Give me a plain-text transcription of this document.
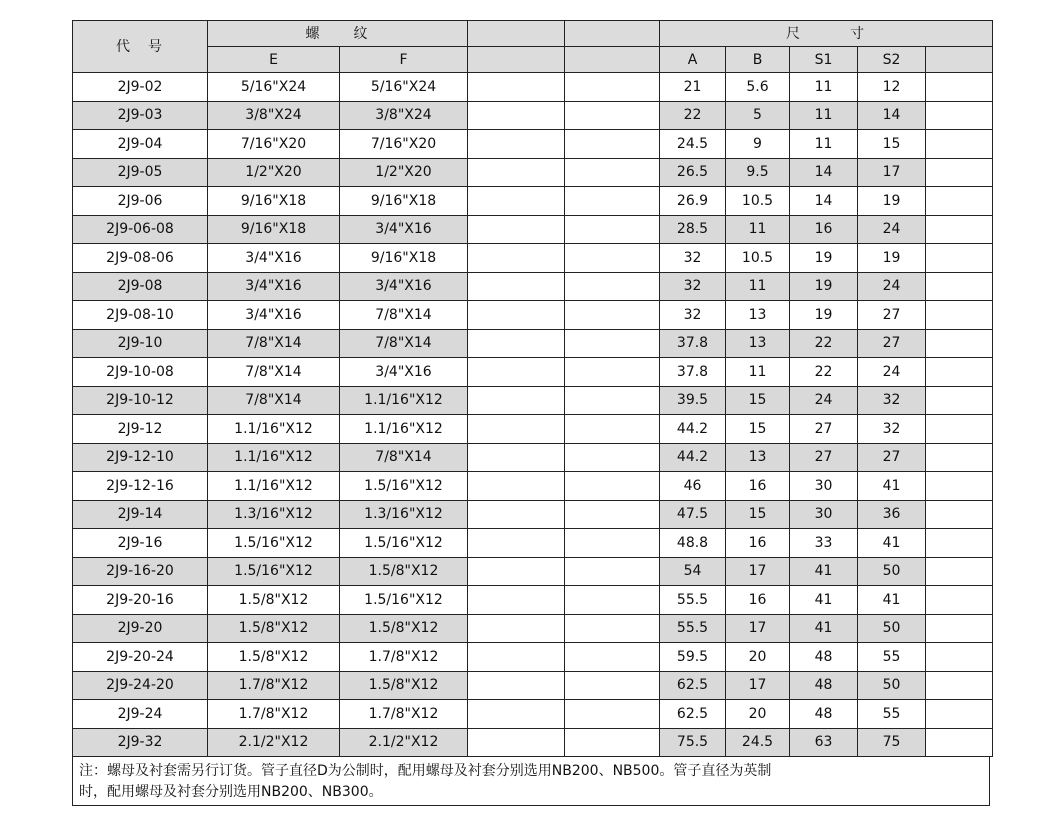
代　号	螺　　纹				尺　　　寸				
	E	F			A	B	S1	S2	
2J9-02	5/16"X24	5/16"X24			21	5.6	11	12	
2J9-03	3/8"X24	3/8"X24			22	5	11	14	
2J9-04	7/16"X20	7/16"X20			24.5	9	11	15	
2J9-05	1/2"X20	1/2"X20			26.5	9.5	14	17	
2J9-06	9/16"X18	9/16"X18			26.9	10.5	14	19	
2J9-06-08	9/16"X18	3/4"X16			28.5	11	16	24	
2J9-08-06	3/4"X16	9/16"X18			32	10.5	19	19	
2J9-08	3/4"X16	3/4"X16			32	11	19	24	
2J9-08-10	3/4"X16	7/8"X14			32	13	19	27	
2J9-10	7/8"X14	7/8"X14			37.8	13	22	27	
2J9-10-08	7/8"X14	3/4"X16			37.8	11	22	24	
2J9-10-12	7/8"X14	1.1/16"X12			39.5	15	24	32	
2J9-12	1.1/16"X12	1.1/16"X12			44.2	15	27	32	
2J9-12-10	1.1/16"X12	7/8"X14			44.2	13	27	27	
2J9-12-16	1.1/16"X12	1.5/16"X12			46	16	30	41	
2J9-14	1.3/16"X12	1.3/16"X12			47.5	15	30	36	
2J9-16	1.5/16"X12	1.5/16"X12			48.8	16	33	41	
2J9-16-20	1.5/16"X12	1.5/8"X12			54	17	41	50	
2J9-20-16	1.5/8"X12	1.5/16"X12			55.5	16	41	41	
2J9-20	1.5/8"X12	1.5/8"X12			55.5	17	41	50	
2J9-20-24	1.5/8"X12	1.7/8"X12			59.5	20	48	55	
2J9-24-20	1.7/8"X12	1.5/8"X12			62.5	17	48	50	
2J9-24	1.7/8"X12	1.7/8"X12			62.5	20	48	55	
2J9-32	2.1/2"X12	2.1/2"X12			75.5	24.5	63	75	
注：螺母及衬套需另行订货。管子直径D为公制时，配用螺母及衬套分别选用NB200、NB500。管子直径为英制
时，配用螺母及衬套分别选用NB200、NB300。
